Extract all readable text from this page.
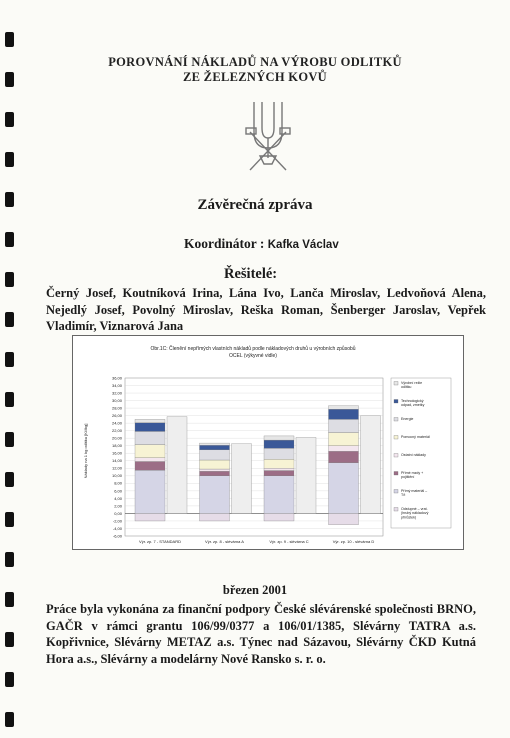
POROVNÁNÍ NÁKLADŮ NA VÝROBU ODLITKŮ
ZE ŽELEZNÝCH KOVŮ
Závěrečná zpráva
Koordinátor : Kafka Václav
Řešitelé:
Černý Josef, Koutníková Irina, Lána Ivo, Lanča Miroslav, Ledvoňová Alena, Nejedlý Josef, Povolný Miroslav, Reška Roman, Šenberger Jaroslav, Vepřek Vladimír, Viznarová Jana
Obr.1C: Členění nepřímých vlastních nákladů podle nákladových druhů u výrobních způsobů
OCEL (výkyvné vidle)
Náklady na 1 kg odlitku [Kč/kg]
-6,00
-4,00
-2,00
0,00
2,00
4,00
6,00
8,00
10,00
12,00
14,00
16,00
18,00
20,00
22,00
24,00
26,00
28,00
30,00
32,00
34,00
36,00
Výr. zp. 7 - STANDARD	Výr. zp. 8 - slévárna A	Výr. zp. 9 - slévárna C	Výr. zp. 10 - slévárna D
Výrobní režie
odlitku
Technologický
odpad, zmetky
Energie
Pomocný materiál
Ostatní náklady
Přímé mzdy +
pojištění
Přímý materiál –
T/t
Odstupné – vrat.
(hrubý nákladový
přírůstek)
březen 2001
Práce byla vykonána za finanční podpory České slévárenské společnosti BRNO, GAČR v rámci grantu 106/99/0377 a 106/01/1385, Slévárny TATRA a.s. Kopřivnice, Slévárny METAZ a.s. Týnec nad Sázavou, Slévárny ČKD Kutná Hora a.s., Slévárny a modelárny Nové Ransko s. r. o.
